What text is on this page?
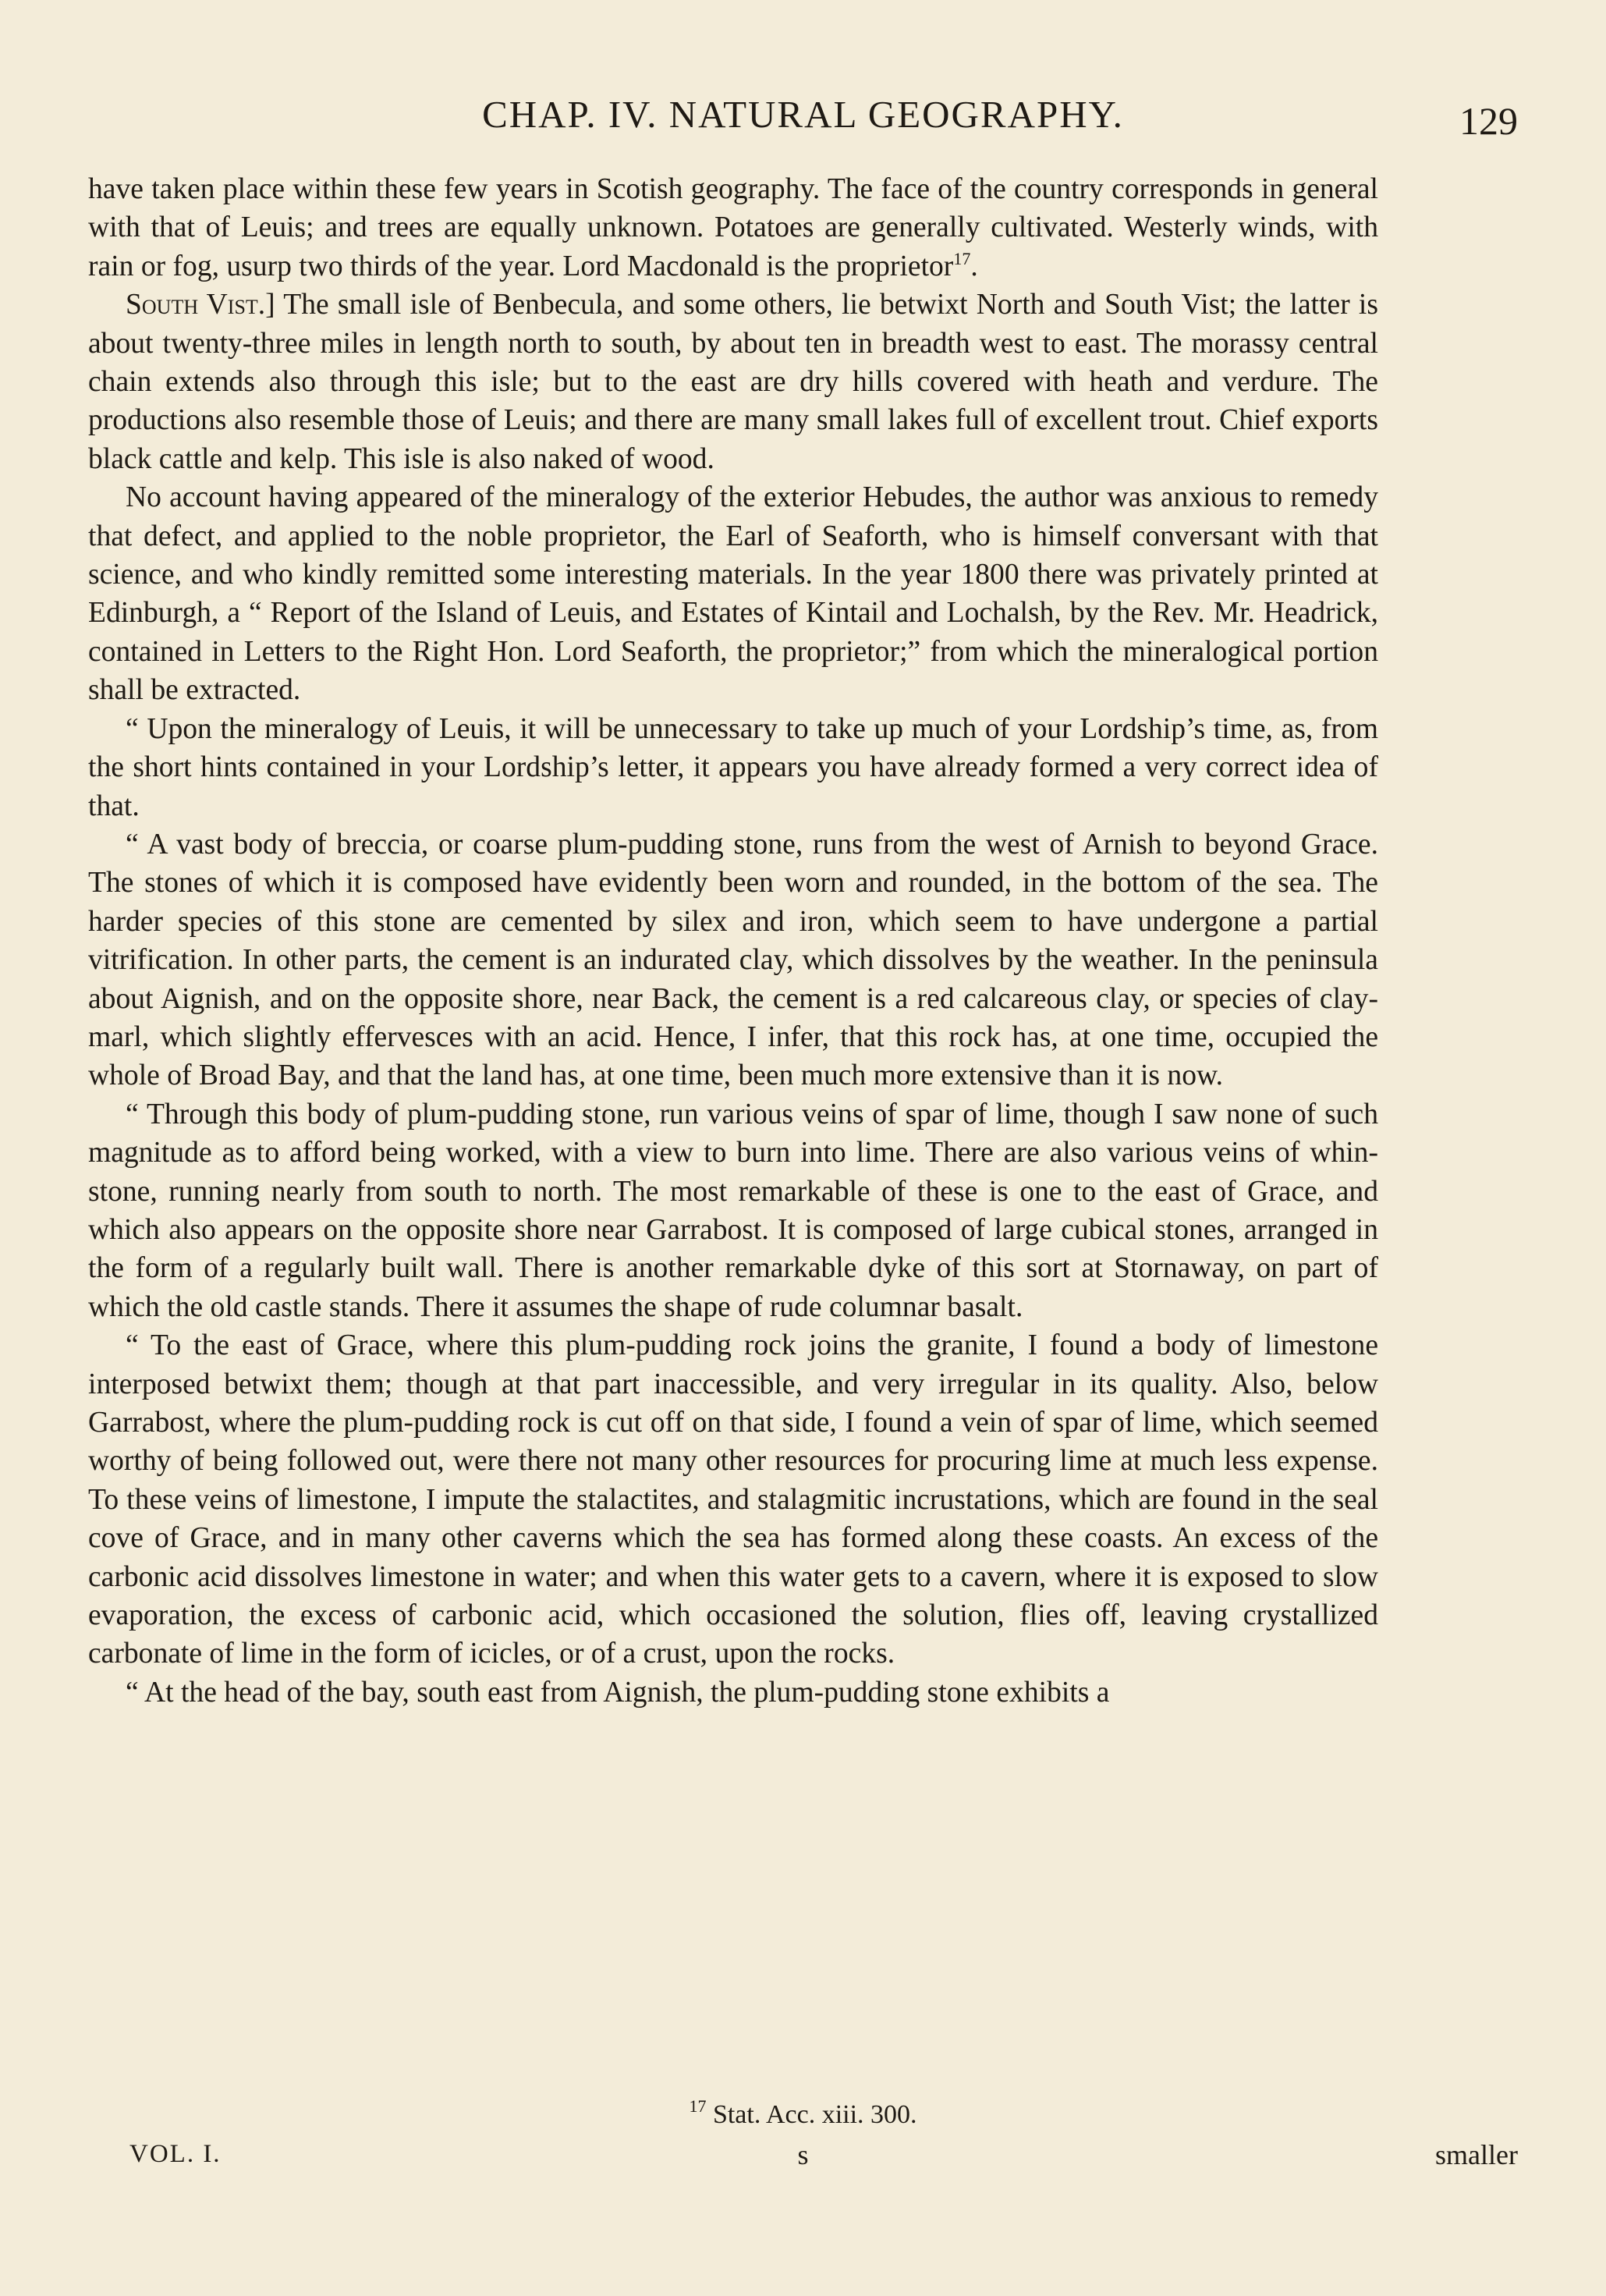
CHAP. IV. NATURAL GEOGRAPHY.	129

have taken place within these few years in Scotish geography. The face of the country corresponds in general with that of Leuis; and trees are equally unknown. Potatoes are generally cultivated. Westerly winds, with rain or fog, usurp two thirds of the year. Lord Macdonald is the proprietor$^{17}$.

South Vist.] The small isle of Benbecula, and some others, lie betwixt North and South Vist; the latter is about twenty-three miles in length north to south, by about ten in breadth west to east. The morassy central chain extends also through this isle; but to the east are dry hills covered with heath and verdure. The productions also resemble those of Leuis; and there are many small lakes full of excellent trout. Chief exports black cattle and kelp. This isle is also naked of wood.

No account having appeared of the mineralogy of the exterior Hebudes, the author was anxious to remedy that defect, and applied to the noble proprietor, the Earl of Seaforth, who is himself conversant with that science, and who kindly remitted some interesting materials. In the year 1800 there was privately printed at Edinburgh, a “ Report of the Island of Leuis, and Estates of Kintail and Lochalsh, by the Rev. Mr. Headrick, contained in Letters to the Right Hon. Lord Seaforth, the proprietor;” from which the mineralogical portion shall be extracted.

“ Upon the mineralogy of Leuis, it will be unnecessary to take up much of your Lordship’s time, as, from the short hints contained in your Lordship’s letter, it appears you have already formed a very correct idea of that.

“ A vast body of breccia, or coarse plum-pudding stone, runs from the west of Arnish to beyond Grace. The stones of which it is composed have evidently been worn and rounded, in the bottom of the sea. The harder species of this stone are cemented by silex and iron, which seem to have undergone a partial vitrification. In other parts, the cement is an indurated clay, which dissolves by the weather. In the peninsula about Aignish, and on the opposite shore, near Back, the cement is a red calcareous clay, or species of clay-marl, which slightly effervesces with an acid. Hence, I infer, that this rock has, at one time, occupied the whole of Broad Bay, and that the land has, at one time, been much more extensive than it is now.

“ Through this body of plum-pudding stone, run various veins of spar of lime, though I saw none of such magnitude as to afford being worked, with a view to burn into lime. There are also various veins of whin-stone, running nearly from south to north. The most remarkable of these is one to the east of Grace, and which also appears on the opposite shore near Garrabost. It is composed of large cubical stones, arranged in the form of a regularly built wall. There is another remarkable dyke of this sort at Stornaway, on part of which the old castle stands. There it assumes the shape of rude columnar basalt.

“ To the east of Grace, where this plum-pudding rock joins the granite, I found a body of limestone interposed betwixt them; though at that part inaccessible, and very irregular in its quality. Also, below Garrabost, where the plum-pudding rock is cut off on that side, I found a vein of spar of lime, which seemed worthy of being followed out, were there not many other resources for procuring lime at much less expense. To these veins of limestone, I impute the stalactites, and stalagmitic incrustations, which are found in the seal cove of Grace, and in many other caverns which the sea has formed along these coasts. An excess of the carbonic acid dissolves limestone in water; and when this water gets to a cavern, where it is exposed to slow evaporation, the excess of carbonic acid, which occasioned the solution, flies off, leaving crystallized carbonate of lime in the form of icicles, or of a crust, upon the rocks.

“ At the head of the bay, south east from Aignish, the plum-pudding stone exhibits a

$^{17}$ Stat. Acc. xiii. 300.
VOL. I.	s	smaller
